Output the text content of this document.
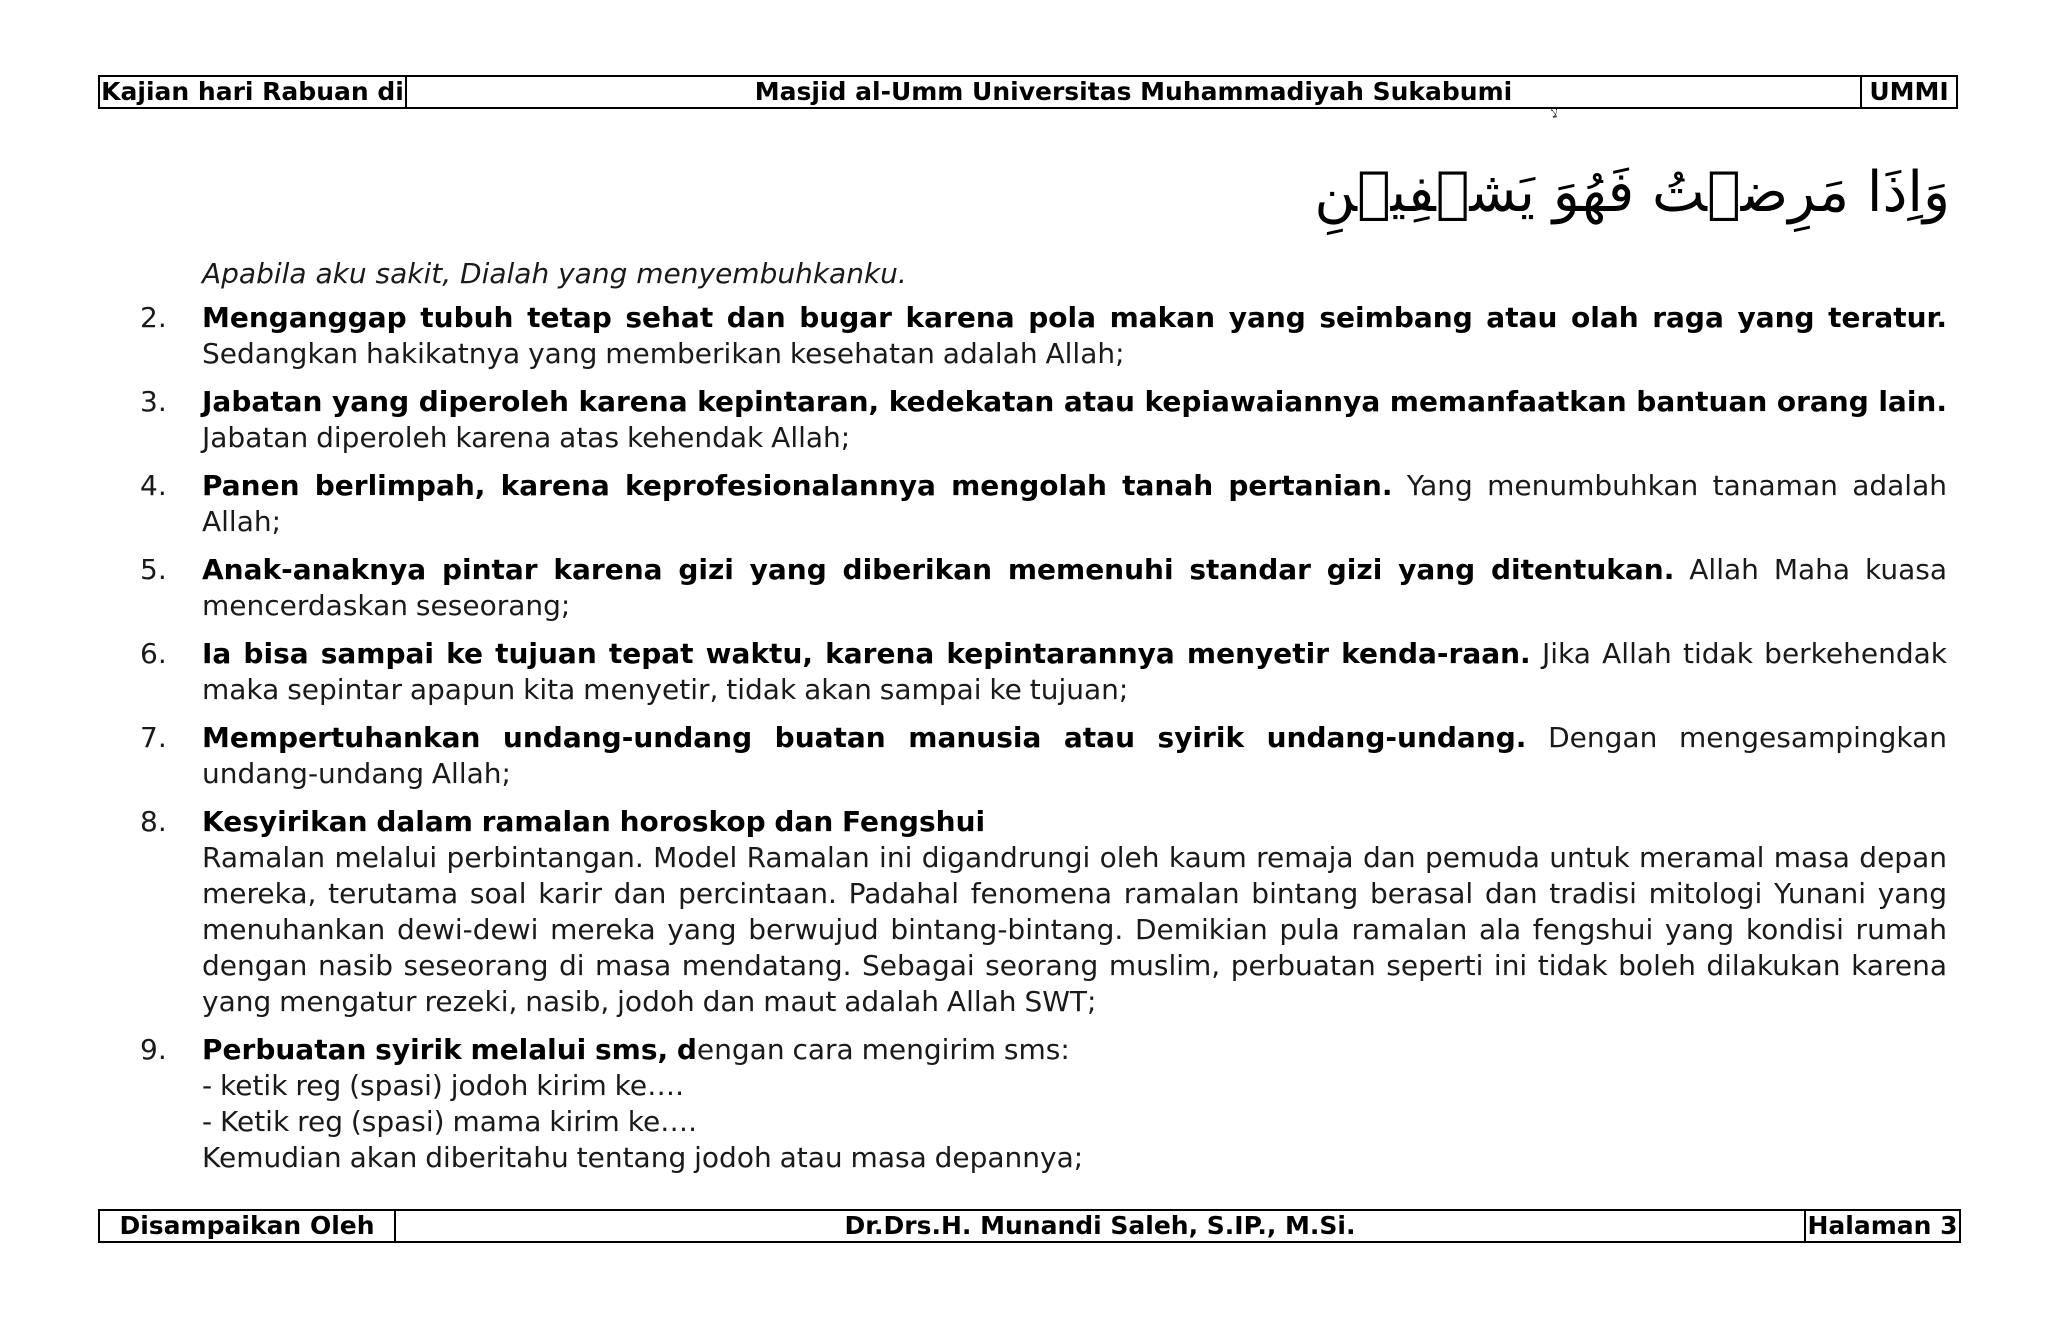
Kajian hari Rabuan di	Masjid al-Umm Universitas Muhammadiyah Sukabumi	UMMI
وَاِذَا مَرِضۡتُ فَهُوَ يَشۡفِيۡنِ
Apabila aku sakit, Dialah yang menyembuhkanku.
2.	Menganggap tubuh tetap sehat dan bugar karena pola makan yang seimbang atau olah raga yang teratur. Sedangkan hakikatnya yang memberikan kesehatan adalah Allah;
3.	Jabatan yang diperoleh karena kepintaran, kedekatan atau kepiawaiannya memanfaatkan bantuan orang lain. Jabatan diperoleh karena atas kehendak Allah;
4.	Panen berlimpah, karena keprofesionalannya mengolah tanah pertanian. Yang menumbuhkan tanaman adalah Allah;
5.	Anak-anaknya pintar karena gizi yang diberikan memenuhi standar gizi yang ditentukan. Allah Maha kuasa mencerdaskan seseorang;
6.	Ia bisa sampai ke tujuan tepat waktu, karena kepintarannya menyetir kenda-raan. Jika Allah tidak berkehendak maka sepintar apapun kita menyetir, tidak akan sampai ke tujuan;
7.	Mempertuhankan undang-undang buatan manusia atau syirik undang-undang. Dengan mengesampingkan undang-undang Allah;
8.	Kesyirikan dalam ramalan horoskop dan Fengshui
Ramalan melalui perbintangan. Model Ramalan ini digandrungi oleh kaum remaja dan pemuda untuk meramal masa depan mereka, terutama soal karir dan percintaan. Padahal fenomena ramalan bintang berasal dan tradisi mitologi Yunani yang menuhankan dewi-dewi mereka yang berwujud bintang-bintang. Demikian pula ramalan ala fengshui yang kondisi rumah dengan nasib seseorang di masa mendatang. Sebagai seorang muslim, perbuatan seperti ini tidak boleh dilakukan karena yang mengatur rezeki, nasib, jodoh dan maut adalah Allah SWT;
9.	Perbuatan syirik melalui sms, dengan cara mengirim sms:
- ketik reg (spasi) jodoh kirim ke….
- Ketik reg (spasi) mama kirim ke….
Kemudian akan diberitahu tentang jodoh atau masa depannya;
Disampaikan Oleh	Dr.Drs.H. Munandi Saleh, S.IP., M.Si.	Halaman 3
